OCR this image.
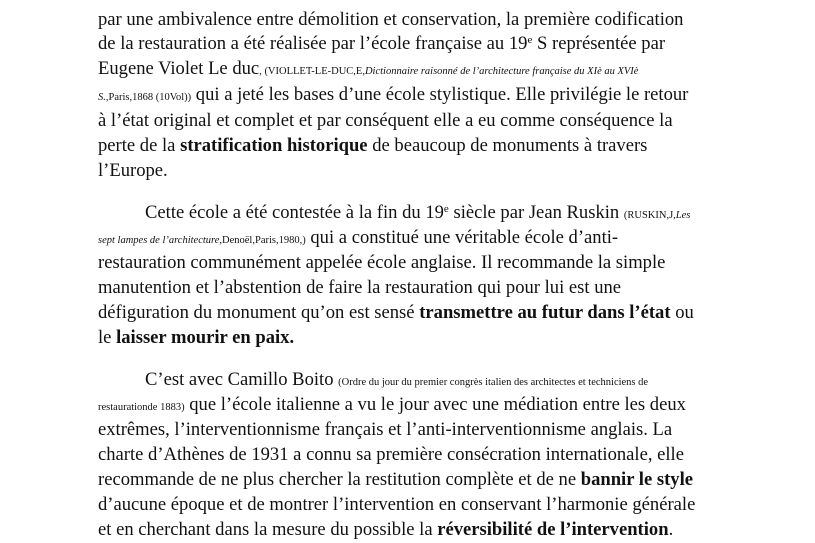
par une ambivalence entre démolition et conservation, la première codification
de la restauration a été réalisée par l’école française au 19e S représentée par
Eugene Violet Le duc, (VIOLLET-LE-DUC,E,Dictionnaire raisonné de l’architecture française du XIè au XVIè
S.,Paris,1868 (10Vol)) qui a jeté les bases d’une école stylistique. Elle privilégie le retour
à l’état original et complet et par conséquent elle a eu comme conséquence la
perte de la stratification historique de beaucoup de monuments à travers
l’Europe.
Cette école a été contestée à la fin du 19e siècle par Jean Ruskin (RUSKIN,J,Les
sept lampes de l’architecture,Denoël,Paris,1980,) qui a constitué une véritable école d’anti-
restauration communément appelée école anglaise. Il recommande la simple
manutention et l’abstention de faire la restauration qui pour lui est une
défiguration du monument qu’on est sensé transmettre au futur dans l’état ou
le laisser mourir en paix.
C’est avec Camillo Boito (Ordre du jour du premier congrès italien des architectes et techniciens de
restaurationde 1883) que l’école italienne a vu le jour avec une médiation entre les deux
extrêmes, l’interventionnisme français et l’anti-interventionnisme anglais. La
charte d’Athènes de 1931 a connu sa première consécration internationale, elle
recommande de ne plus chercher la restitution complète et de ne bannir le style
d’aucune époque et de montrer l’intervention en conservant l’harmonie générale
et en cherchant dans la mesure du possible la réversibilité de l’intervention.
